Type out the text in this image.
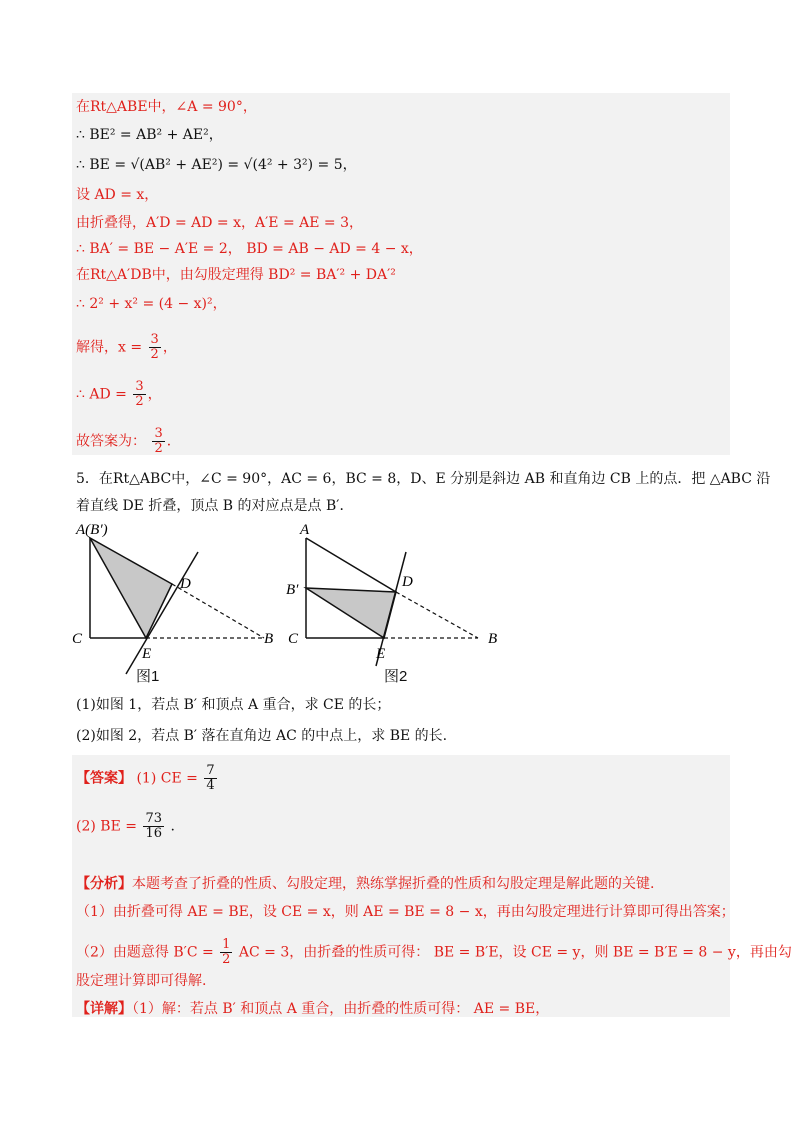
在Rt△ABE中，∠A = 90°，
∴ BE² = AB² + AE²，
∴ BE = √(AB² + AE²) = √(4² + 3²) = 5，
设 AD = x，
由折叠得，A′D = AD = x，A′E = AE = 3，
∴ BA′ = BE − A′E = 2， BD = AB − AD = 4 − x，
在Rt△A′DB中，由勾股定理得 BD² = BA′² + DA′²
∴ 2² + x² = (4 − x)²，
解得，$x = \frac{3}{2}$ ，
∴ AD = $\frac{3}{2}$ ，
故答案为： $\frac{3}{2}$ ．
5．在Rt△ABC中，∠C = 90°，AC = 6，BC = 8，D、E 分别是斜边 AB 和直角边 CB 上的点．把 △ABC 沿
着直线 DE 折叠，顶点 B 的对应点是点 B′．
A(B′)
D
C
E
B
图1
A
B′	D
C
E
B
图2
(1)如图 1，若点 B′ 和顶点 A 重合，求 CE 的长；
(2)如图 2，若点 B′ 落在直角边 AC 的中点上，求 BE 的长.
【答案】 (1) CE = $\frac{7}{4}$
(2) BE = $\frac{73}{16}$ .
【分析】本题考查了折叠的性质、勾股定理，熟练掌握折叠的性质和勾股定理是解此题的关键.
（1）由折叠可得 AE = BE，设 CE = x，则 AE = BE = 8 − x，再由勾股定理进行计算即可得出答案；
（2）由题意得 $B'C = \frac{1}{2}$ AC = 3，由折叠的性质可得： BE = B′E，设 CE = y，则 BE = B′E = 8 − y，再由勾
股定理计算即可得解.
【详解】（1）解：若点 B′ 和顶点 A 重合，由折叠的性质可得： AE = BE，
